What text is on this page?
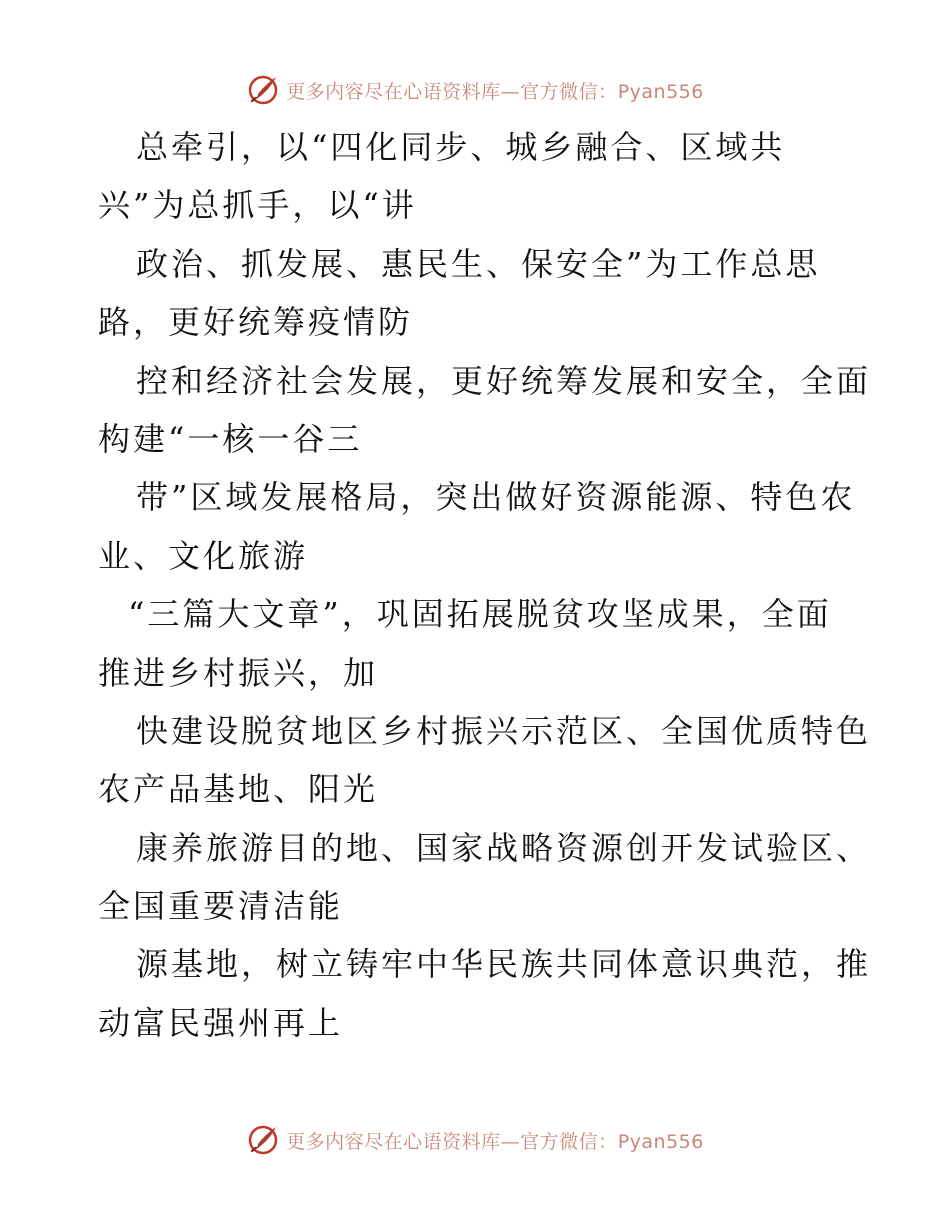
更多内容尽在心语资料库—官方微信：Pyan556
总牵引，以“四化同步、城乡融合、区域共
兴”为总抓手，以“讲
政治、抓发展、惠民生、保安全”为工作总思
路，更好统筹疫情防
控和经济社会发展，更好统筹发展和安全，全面
构建“一核一谷三
带”区域发展格局，突出做好资源能源、特色农
业、文化旅游
“三篇大文章”，巩固拓展脱贫攻坚成果，全面
推进乡村振兴，加
快建设脱贫地区乡村振兴示范区、全国优质特色
农产品基地、阳光
康养旅游目的地、国家战略资源创开发试验区、
全国重要清洁能
源基地，树立铸牢中华民族共同体意识典范，推
动富民强州再上
更多内容尽在心语资料库—官方微信：Pyan556
